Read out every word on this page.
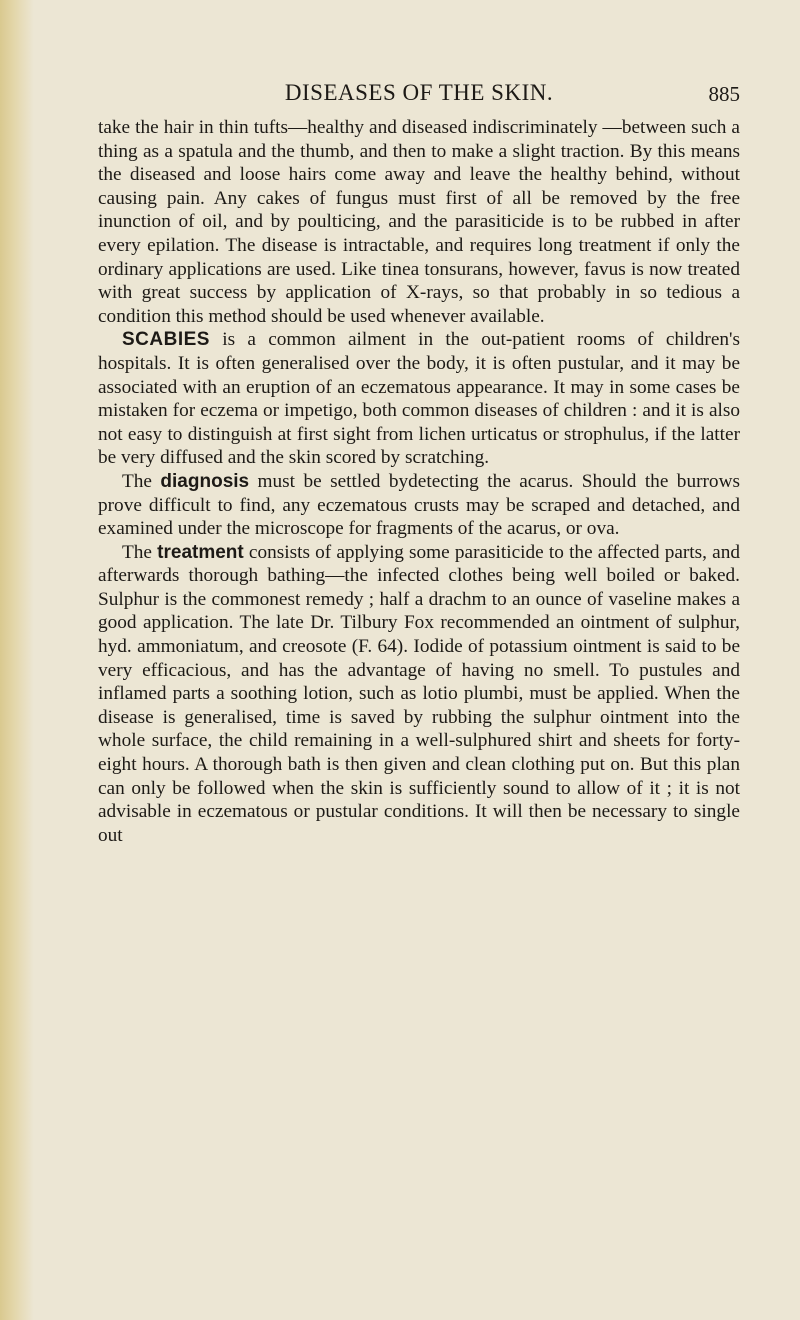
DISEASES OF THE SKIN.	885

take the hair in thin tufts—healthy and diseased indiscriminately —between such a thing as a spatula and the thumb, and then to make a slight traction. By this means the diseased and loose hairs come away and leave the healthy behind, without causing pain. Any cakes of fungus must first of all be removed by the free inunction of oil, and by poulticing, and the parasiticide is to be rubbed in after every epilation. The disease is intractable, and requires long treatment if only the ordinary applications are used. Like tinea tonsurans, however, favus is now treated with great success by application of X-rays, so that probably in so tedious a condition this method should be used whenever available.

SCABIES is a common ailment in the out-patient rooms of children's hospitals. It is often generalised over the body, it is often pustular, and it may be associated with an eruption of an eczematous appearance. It may in some cases be mistaken for eczema or impetigo, both common diseases of children : and it is also not easy to distinguish at first sight from lichen urticatus or strophulus, if the latter be very diffused and the skin scored by scratching.

The diagnosis must be settled bydetecting the acarus. Should the burrows prove difficult to find, any eczematous crusts may be scraped and detached, and examined under the microscope for fragments of the acarus, or ova.

The treatment consists of applying some parasiticide to the affected parts, and afterwards thorough bathing—the infected clothes being well boiled or baked. Sulphur is the commonest remedy ; half a drachm to an ounce of vaseline makes a good application. The late Dr. Tilbury Fox recommended an ointment of sulphur, hyd. ammoniatum, and creosote (F. 64). Iodide of potassium ointment is said to be very efficacious, and has the advantage of having no smell. To pustules and inflamed parts a soothing lotion, such as lotio plumbi, must be applied. When the disease is generalised, time is saved by rubbing the sulphur ointment into the whole surface, the child remaining in a well-sulphured shirt and sheets for forty-eight hours. A thorough bath is then given and clean clothing put on. But this plan can only be followed when the skin is sufficiently sound to allow of it ; it is not advisable in eczematous or pustular conditions. It will then be necessary to single out
